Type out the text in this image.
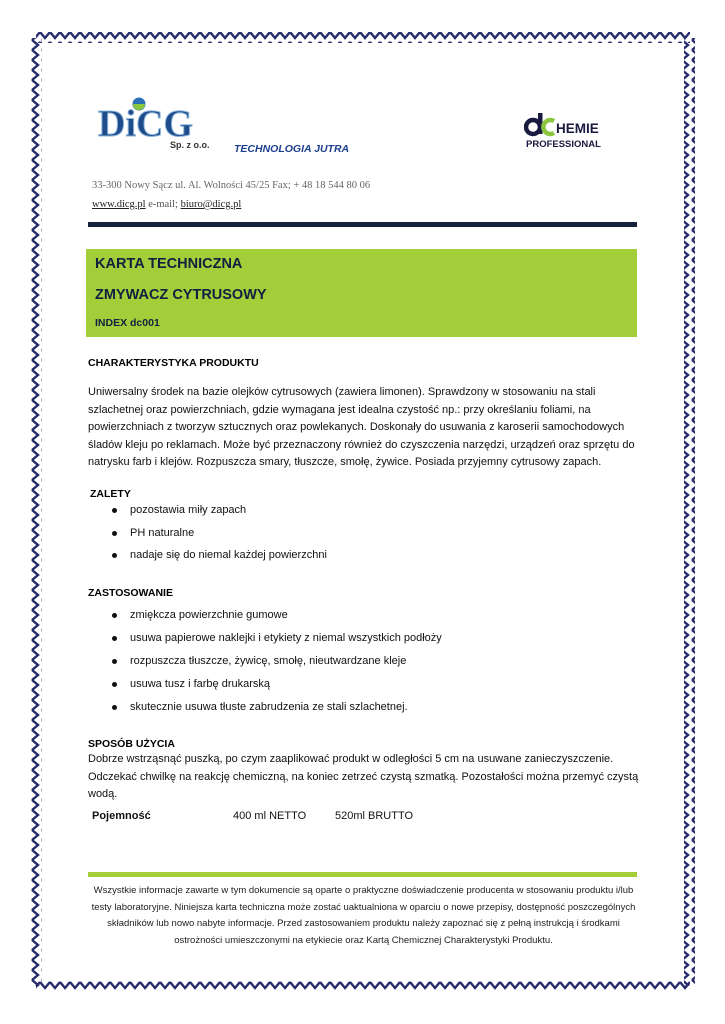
DiCG
Sp. z o.o. TECHNOLOGIA JUTRA
HEMIE
PROFESSIONAL
33-300 Nowy Sącz ul. Al. Wolności 45/25 Fax; + 48 18 544 80 06
www.dicg.pl e-mail; biuro@dicg.pl
KARTA TECHNICZNA
ZMYWACZ CYTRUSOWY
INDEX dc001
CHARAKTERYSTYKA PRODUKTU
Uniwersalny środek na bazie olejków cytrusowych (zawiera limonen). Sprawdzony w stosowaniu na stali szlachetnej oraz powierzchniach, gdzie wymagana jest idealna czystość np.: przy określaniu foliami, na powierzchniach z tworzyw sztucznych oraz powlekanych. Doskonały do usuwania z karoserii samochodowych śladów kleju po reklamach. Może być przeznaczony również do czyszczenia narzędzi, urządzeń oraz sprzętu do natrysku farb i klejów. Rozpuszcza smary, tłuszcze, smołę, żywice. Posiada przyjemny cytrusowy zapach.
ZALETY
pozostawia miły zapach
PH naturalne
nadaje się do niemal każdej powierzchni
ZASTOSOWANIE
zmiękcza powierzchnie gumowe
usuwa papierowe naklejki i etykiety z niemal wszystkich podłoży
rozpuszcza tłuszcze, żywicę, smołę, nieutwardzane kleje
usuwa tusz i farbę drukarską
skutecznie usuwa tłuste zabrudzenia ze stali szlachetnej.
SPOSÓB UŻYCIA
Dobrze wstrząsnąć puszką, po czym zaaplikować produkt w odległości 5 cm na usuwane zanieczyszczenie. Odczekać chwilkę na reakcję chemiczną, na koniec zetrzeć czystą szmatką. Pozostałości można przemyć czystą wodą.
Pojemność	400 ml NETTO	520ml BRUTTO
Wszystkie informacje zawarte w tym dokumencie są oparte o praktyczne doświadczenie producenta w stosowaniu produktu i/lub testy laboratoryjne. Niniejsza karta techniczna może zostać uaktualniona w oparciu o nowe przepisy, dostępność poszczególnych składników lub nowo nabyte informacje. Przed zastosowaniem produktu należy zapoznać się z pełną instrukcją i środkami ostrożności umieszczonymi na etykiecie oraz Kartą Chemicznej Charakterystyki Produktu.
